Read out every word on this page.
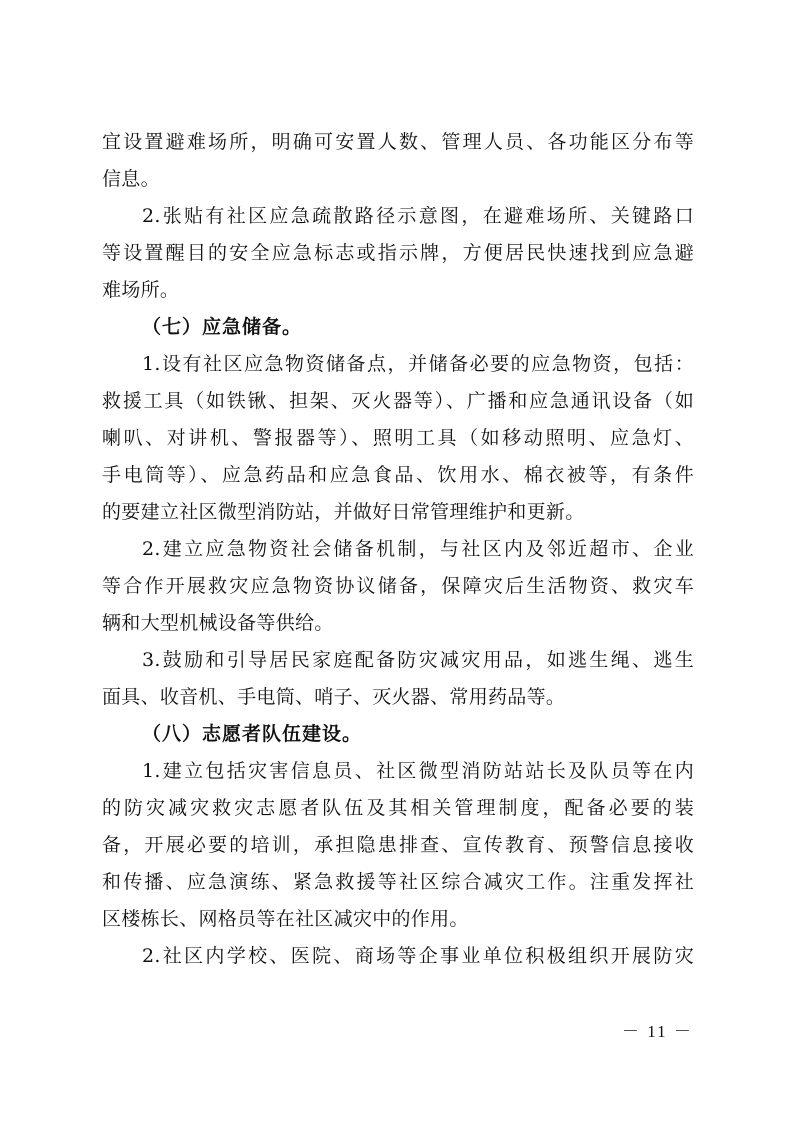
宜设置避难场所，明确可安置人数、管理人员、各功能区分布等
信息。
2.张贴有社区应急疏散路径示意图，在避难场所、关键路口
等设置醒目的安全应急标志或指示牌，方便居民快速找到应急避
难场所。
（七）应急储备。
1.设有社区应急物资储备点，并储备必要的应急物资，包括：
救援工具（如铁锹、担架、灭火器等）、广播和应急通讯设备（如
喇叭、对讲机、警报器等）、照明工具（如移动照明、应急灯、
手电筒等）、应急药品和应急食品、饮用水、棉衣被等，有条件
的要建立社区微型消防站，并做好日常管理维护和更新。
2.建立应急物资社会储备机制，与社区内及邻近超市、企业
等合作开展救灾应急物资协议储备，保障灾后生活物资、救灾车
辆和大型机械设备等供给。
3.鼓励和引导居民家庭配备防灾减灾用品，如逃生绳、逃生
面具、收音机、手电筒、哨子、灭火器、常用药品等。
（八）志愿者队伍建设。
1.建立包括灾害信息员、社区微型消防站站长及队员等在内
的防灾减灾救灾志愿者队伍及其相关管理制度，配备必要的装
备，开展必要的培训，承担隐患排查、宣传教育、预警信息接收
和传播、应急演练、紧急救援等社区综合减灾工作。注重发挥社
区楼栋长、网格员等在社区减灾中的作用。
2.社区内学校、医院、商场等企事业单位积极组织开展防灾
－ 11 －
